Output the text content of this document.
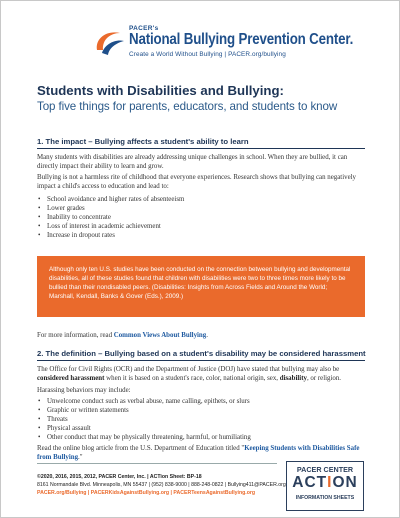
PACER's
National Bullying Prevention Center.
Create a World Without Bullying | PACER.org/bullying
Students with Disabilities and Bullying:
Top five things for parents, educators, and students to know
1. The impact – Bullying affects a student's ability to learn
Many students with disabilities are already addressing unique challenges in school. When they are bullied, it can directly impact their ability to learn and grow.
Bullying is not a harmless rite of childhood that everyone experiences. Research shows that bullying can negatively impact a child's access to education and lead to:
• School avoidance and higher rates of absenteeism
• Lower grades
• Inability to concentrate
• Loss of interest in academic achievement
• Increase in dropout rates
Although only ten U.S. studies have been conducted on the connection between bullying and developmental disabilities, all of these studies found that children with disabilities were two to three times more likely to be bullied than their nondisabled peers. (Disabilities: Insights from Across Fields and Around the World; Marshall, Kendall, Banks & Gover (Eds.), 2009.)
For more information, read Common Views About Bullying.
2. The definition – Bullying based on a student's disability may be considered harassment
The Office for Civil Rights (OCR) and the Department of Justice (DOJ) have stated that bullying may also be considered harassment when it is based on a student's race, color, national origin, sex, disability, or religion.
Harassing behaviors may include:
• Unwelcome conduct such as verbal abuse, name calling, epithets, or slurs
• Graphic or written statements
• Threats
• Physical assault
• Other conduct that may be physically threatening, harmful, or humiliating
Read the online blog article from the U.S. Department of Education titled "Keeping Students with Disabilities Safe from Bullying."
©2020, 2016, 2015, 2012, PACER Center, Inc. | ACTion Sheet: BP-18
8161 Normandale Blvd. Minneapolis, MN 55437 | (952) 838-9000 | 888-248-0822 | Bullying411@PACER.org
PACER.org/Bullying | PACERKidsAgainstBullying.org | PACERTeensAgainstBullying.org
PACER CENTER
ACTION
INFORMATION SHEETS
